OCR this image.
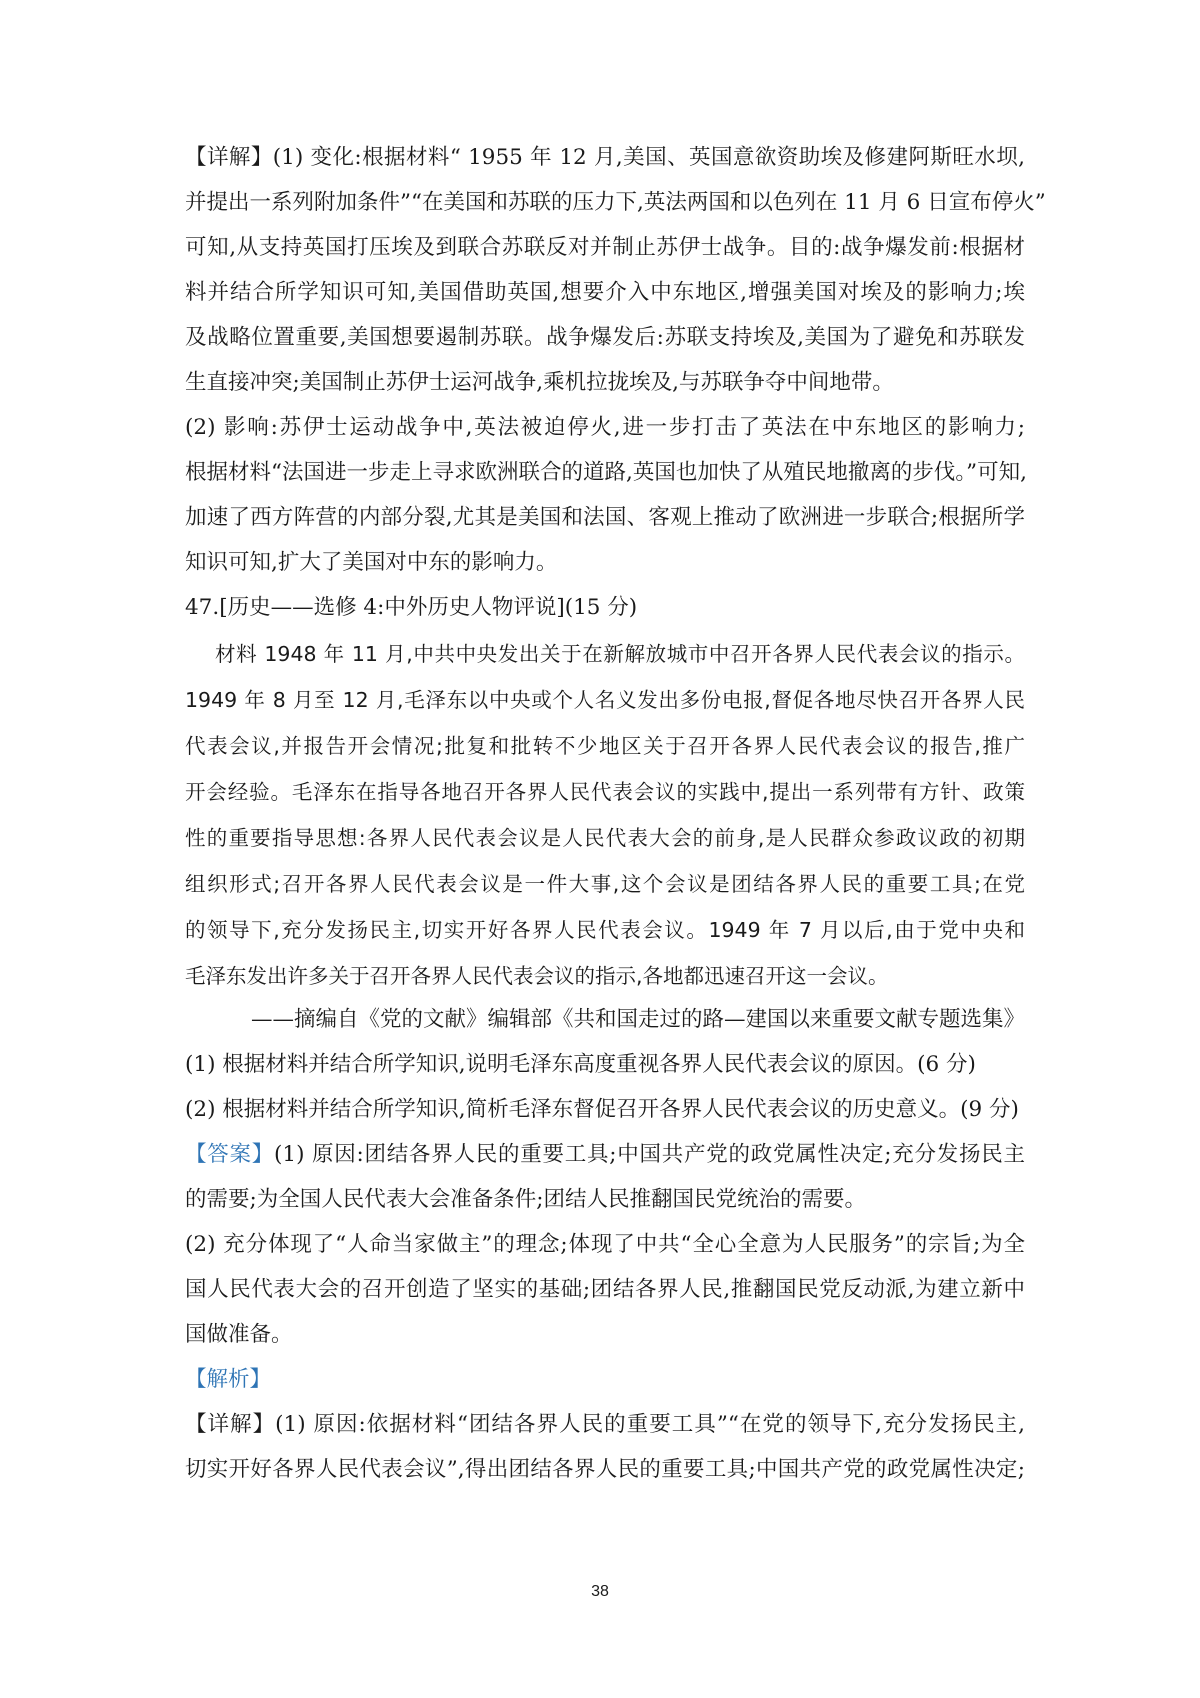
【详解】(1) 变化:根据材料“ 1955 年 12 月,美国、英国意欲资助埃及修建阿斯旺水坝,
并提出一系列附加条件”“在美国和苏联的压力下,英法两国和以色列在 11 月 6 日宣布停火”
可知,从支持英国打压埃及到联合苏联反对并制止苏伊士战争。目的:战争爆发前:根据材
料并结合所学知识可知,美国借助英国,想要介入中东地区,增强美国对埃及的影响力;埃
及战略位置重要,美国想要遏制苏联。战争爆发后:苏联支持埃及,美国为了避免和苏联发
生直接冲突;美国制止苏伊士运河战争,乘机拉拢埃及,与苏联争夺中间地带。
(2) 影响:苏伊士运动战争中,英法被迫停火,进一步打击了英法在中东地区的影响力;
根据材料“法国进一步走上寻求欧洲联合的道路,英国也加快了从殖民地撤离的步伐。”可知,
加速了西方阵营的内部分裂,尤其是美国和法国、客观上推动了欧洲进一步联合;根据所学
知识可知,扩大了美国对中东的影响力。
47.[历史——选修 4:中外历史人物评说](15 分)
材料 1948 年 11 月,中共中央发出关于在新解放城市中召开各界人民代表会议的指示。
1949 年 8 月至 12 月,毛泽东以中央或个人名义发出多份电报,督促各地尽快召开各界人民
代表会议,并报告开会情况;批复和批转不少地区关于召开各界人民代表会议的报告,推广
开会经验。毛泽东在指导各地召开各界人民代表会议的实践中,提出一系列带有方针、政策
性的重要指导思想:各界人民代表会议是人民代表大会的前身,是人民群众参政议政的初期
组织形式;召开各界人民代表会议是一件大事,这个会议是团结各界人民的重要工具;在党
的领导下,充分发扬民主,切实开好各界人民代表会议。1949 年 7 月以后,由于党中央和
毛泽东发出许多关于召开各界人民代表会议的指示,各地都迅速召开这一会议。
——摘编自《党的文献》编辑部《共和国走过的路—建国以来重要文献专题选集》
(1) 根据材料并结合所学知识,说明毛泽东高度重视各界人民代表会议的原因。(6 分)
(2) 根据材料并结合所学知识,简析毛泽东督促召开各界人民代表会议的历史意义。(9 分)
【答案】(1) 原因:团结各界人民的重要工具;中国共产党的政党属性决定;充分发扬民主
的需要;为全国人民代表大会准备条件;团结人民推翻国民党统治的需要。
(2) 充分体现了“人命当家做主”的理念;体现了中共“全心全意为人民服务”的宗旨;为全
国人民代表大会的召开创造了坚实的基础;团结各界人民,推翻国民党反动派,为建立新中
国做准备。
【解析】
【详解】(1) 原因:依据材料“团结各界人民的重要工具”“在党的领导下,充分发扬民主,
切实开好各界人民代表会议”,得出团结各界人民的重要工具;中国共产党的政党属性决定;
38
